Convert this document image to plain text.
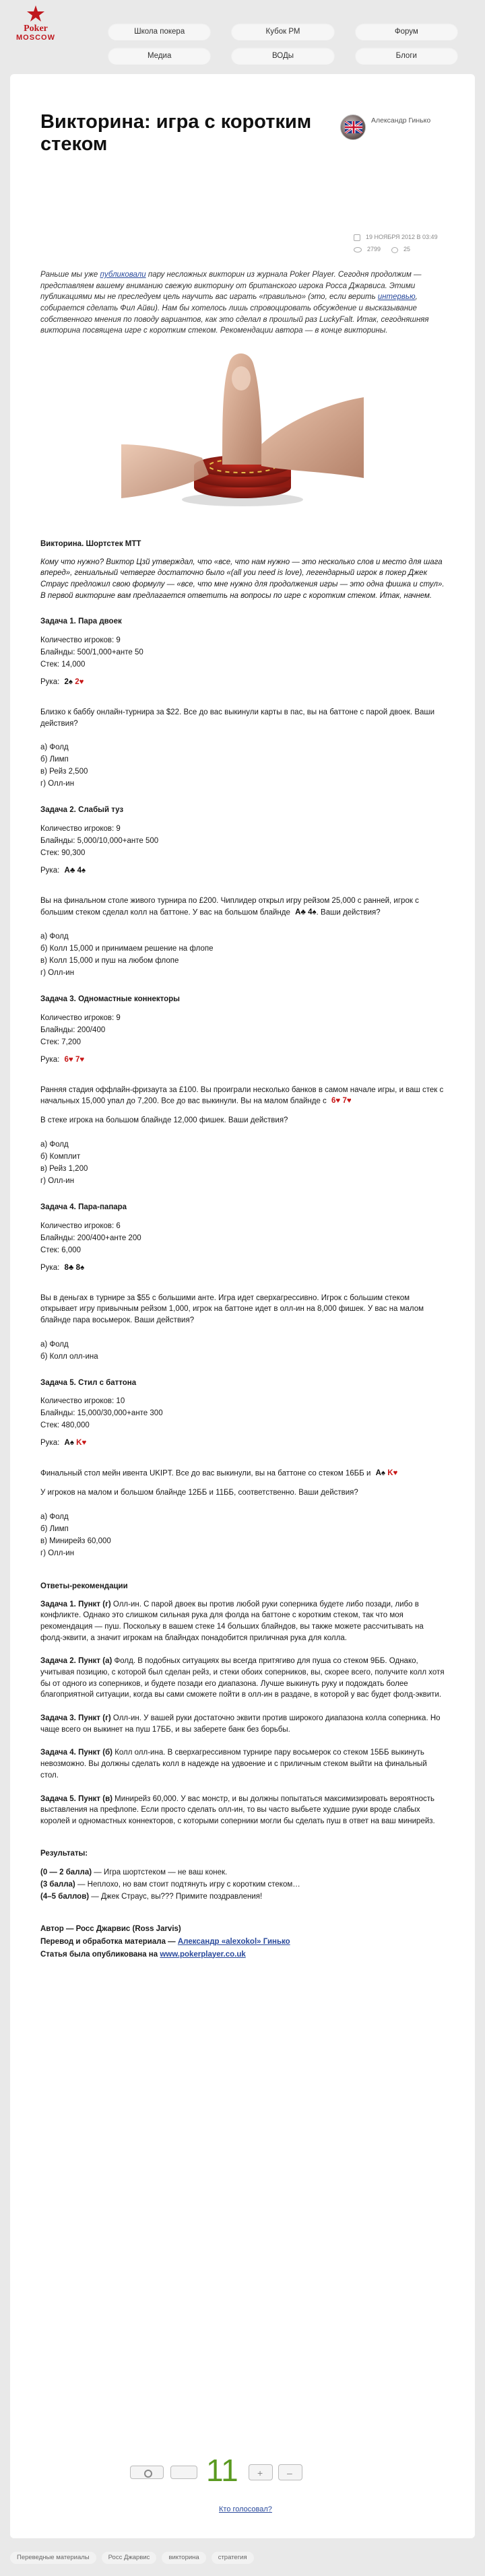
Poker
MOSCOW
Школа покера	Кубок РМ	Форум
Медиа	ВОДы	Блоги
Викторина: игра с коротким стеком
Александр Гинько
19 НОЯБРЯ 2012 В 03:49
2799	25

Раньше мы уже публиковали пару несложных викторин из журнала Poker Player. Сегодня продолжим — представляем вашему вниманию свежую викторину от британского игрока Росса Джарвиса. Этими публикациями мы не преследуем цель научить вас играть «правильно» (это, если верить интервью, собирается сделать Фил Айви). Нам бы хотелось лишь спровоцировать обсуждение и высказывание собственного мнения по поводу вариантов, как это сделал в прошлый раз LuckyFalt. Итак, сегодняшняя викторина посвящена игре с коротким стеком. Рекомендации автора — в конце викторины.

Викторина. Шортстек МТТ

Кому что нужно? Виктор Цзй утверждал, что «все, что нам нужно — это несколько слов и место для шага вперед», гениальный четверге достаточно было «(all you need is love), легендарный игрок в покер Джек Страус предложил свою формулу — «все, что мне нужно для продолжения игры — это одна фишка и стул». В первой викторине вам предлагается ответить на вопросы по игре с коротким стеком. Итак, начнем.

Задача 1. Пара двоек
Количество игроков: 9
Блайнды: 500/1,000+анте 50
Стек: 14,000
Рука: 2♠ 2♥

Близко к баббу онлайн-турнира за $22. Все до вас выкинули карты в пас, вы на баттоне с парой двоек. Ваши действия?

а) Фолд
б) Лимп
в) Рейз 2,500
г) Олл-ин
Задача 2. Слабый туз
Количество игроков: 9
Блайнды: 5,000/10,000+анте 500
Стек: 90,300
Рука: A♣ 4♠

Вы на финальном столе живого турнира по £200. Чиплидер открыл игру рейзом 25,000 с ранней, игрок с большим стеком сделал колл на баттоне. У вас на большом блайнде A♣ 4♠. Ваши действия?

а) Фолд
б) Колл 15,000 и принимаем решение на флопе
в) Колл 15,000 и пуш на любом флопе
г) Олл-ин
Задача 3. Одномастные коннекторы
Количество игроков: 9
Блайнды: 200/400
Стек: 7,200
Рука: 6♥ 7♥

Ранняя стадия оффлайн-фризаута за £100. Вы проиграли несколько банков в самом начале игры, и ваш стек с начальных 15,000 упал до 7,200. Все до вас выкинули. Вы на малом блайнде с 6♥ 7♥

В стеке игрока на большом блайнде 12,000 фишек. Ваши действия?

а) Фолд
б) Комплит
в) Рейз 1,200
г) Олл-ин
Задача 4. Пара-папара
Количество игроков: 6
Блайнды: 200/400+анте 200
Стек: 6,000
Рука: 8♣ 8♠

Вы в деньгах в турнире за $55 с большими анте. Игра идет сверхагрессивно. Игрок с большим стеком открывает игру привычным рейзом 1,000, игрок на баттоне идет в олл-ин на 8,000 фишек. У вас на малом блайнде пара восьмерок. Ваши действия?

а) Фолд
б) Колл олл-ина
Задача 5. Стил с баттона
Количество игроков: 10
Блайнды: 15,000/30,000+анте 300
Стек: 480,000
Рука: A♠ K♥

Финальный стол мейн ивента UKIPT. Все до вас выкинули, вы на баттоне со стеком 16ББ и A♠ K♥

У игроков на малом и большом блайнде 12ББ и 11ББ, соответственно. Ваши действия?

а) Фолд
б) Лимп
в) Минирейз 60,000
г) Олл-ин
Ответы-рекомендации

Задача 1. Пункт (г) Олл-ин. С парой двоек вы против любой руки соперника будете либо позади, либо в конфликте. Однако это слишком сильная рука для фолда на баттоне с коротким стеком, так что моя рекомендация — пуш. Поскольку в вашем стеке 14 больших блайндов, вы также можете рассчитывать на фолд-эквити, а значит игрокам на блайндах понадобится приличная рука для колла.

Задача 2. Пункт (а) Фолд. В подобных ситуациях вы всегда притягиво для пуша со стеком 9ББ. Однако, учитывая позицию, с которой был сделан рейз, и стеки обоих соперников, вы, скорее всего, получите колл хотя бы от одного из соперников, и будете позади его диапазона. Лучше выкинуть руку и подождать более благоприятной ситуации, когда вы сами сможете пойти в олл-ин в раздаче, в которой у вас будет фолд-эквити.

Задача 3. Пункт (г) Олл-ин. У вашей руки достаточно эквити против широкого диапазона колла соперника. Но чаще всего он выкинет на пуш 17ББ, и вы заберете банк без борьбы.

Задача 4. Пункт (б) Колл олл-ина. В сверхагрессивном турнире пару восьмерок со стеком 15ББ выкинуть невозможно. Вы должны сделать колл в надежде на удвоение и с приличным стеком выйти на финальный стол.

Задача 5. Пункт (в) Минирейз 60,000. У вас монстр, и вы должны попытаться максимизировать вероятность выставления на префлопе. Если просто сделать олл-ин, то вы часто выбьете худшие руки вроде слабых королей и одномастных коннекторов, с которыми соперники могли бы сделать пуш в ответ на ваш минирейз.

Результаты:
(0 — 2 балла) — Игра шортстеком — не ваш конек.
(3 балла) — Неплохо, но вам стоит подтянуть игру с коротким стеком…
(4–5 баллов) — Джек Страус, вы??? Примите поздравления!
Автор — Росс Джарвис (Ross Jarvis)
Перевод и обработка материала — Александр «alexokol» Гинько
Статья была опубликована на www.pokerplayer.co.uk
11
+
–
Кто голосовал?
Переведные материалы	Росс Джарвис	викторина	стратегия
